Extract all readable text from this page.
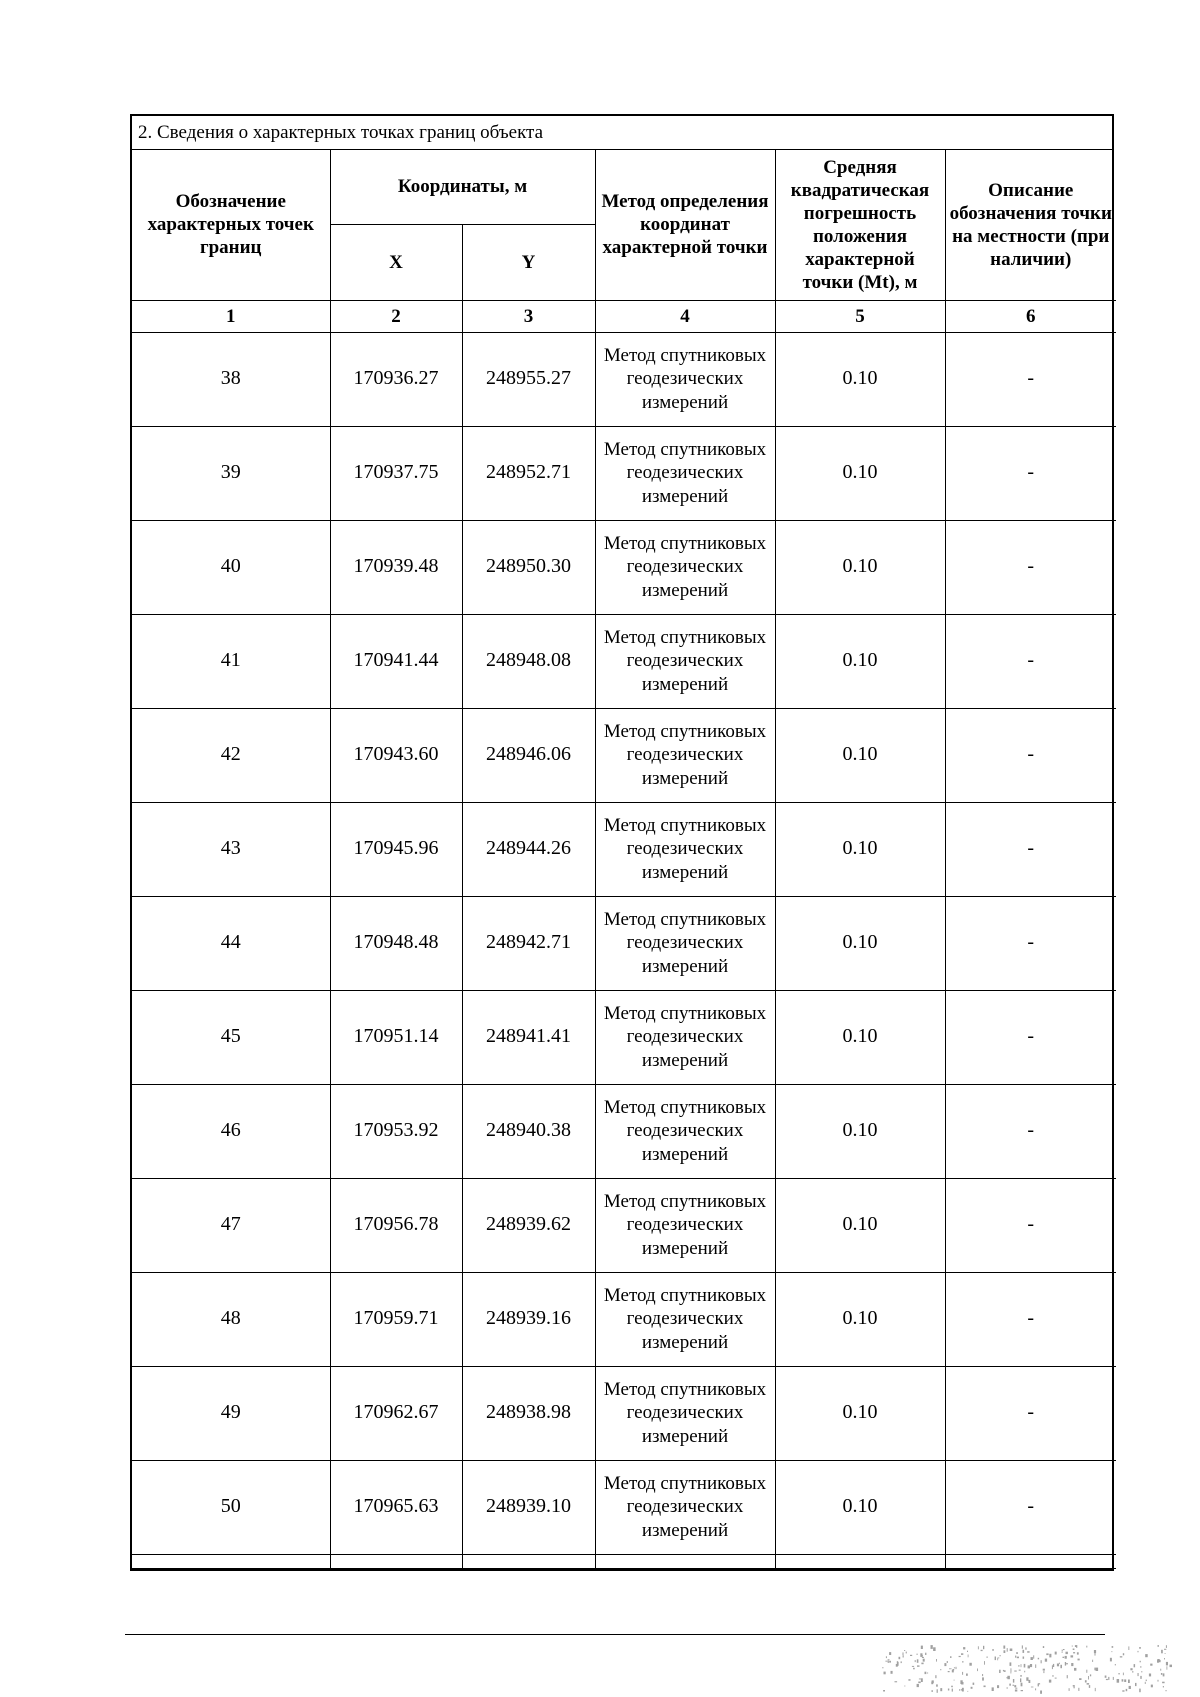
2. Сведения о характерных точках границ объекта
Обозначение характерных точек границ	Координаты, м		Метод определения координат характерной точки	Средняя квадратическая погрешность положения характерной точки (Mt), м	Описание обозначения точки на местности (при наличии)
	X	Y			
1	2	3	4	5	6
38	170936.27	248955.27	Метод спутниковых геодезических измерений	0.10	-
39	170937.75	248952.71	Метод спутниковых геодезических измерений	0.10	-
40	170939.48	248950.30	Метод спутниковых геодезических измерений	0.10	-
41	170941.44	248948.08	Метод спутниковых геодезических измерений	0.10	-
42	170943.60	248946.06	Метод спутниковых геодезических измерений	0.10	-
43	170945.96	248944.26	Метод спутниковых геодезических измерений	0.10	-
44	170948.48	248942.71	Метод спутниковых геодезических измерений	0.10	-
45	170951.14	248941.41	Метод спутниковых геодезических измерений	0.10	-
46	170953.92	248940.38	Метод спутниковых геодезических измерений	0.10	-
47	170956.78	248939.62	Метод спутниковых геодезических измерений	0.10	-
48	170959.71	248939.16	Метод спутниковых геодезических измерений	0.10	-
49	170962.67	248938.98	Метод спутниковых геодезических измерений	0.10	-
50	170965.63	248939.10	Метод спутниковых геодезических измерений	0.10	-
